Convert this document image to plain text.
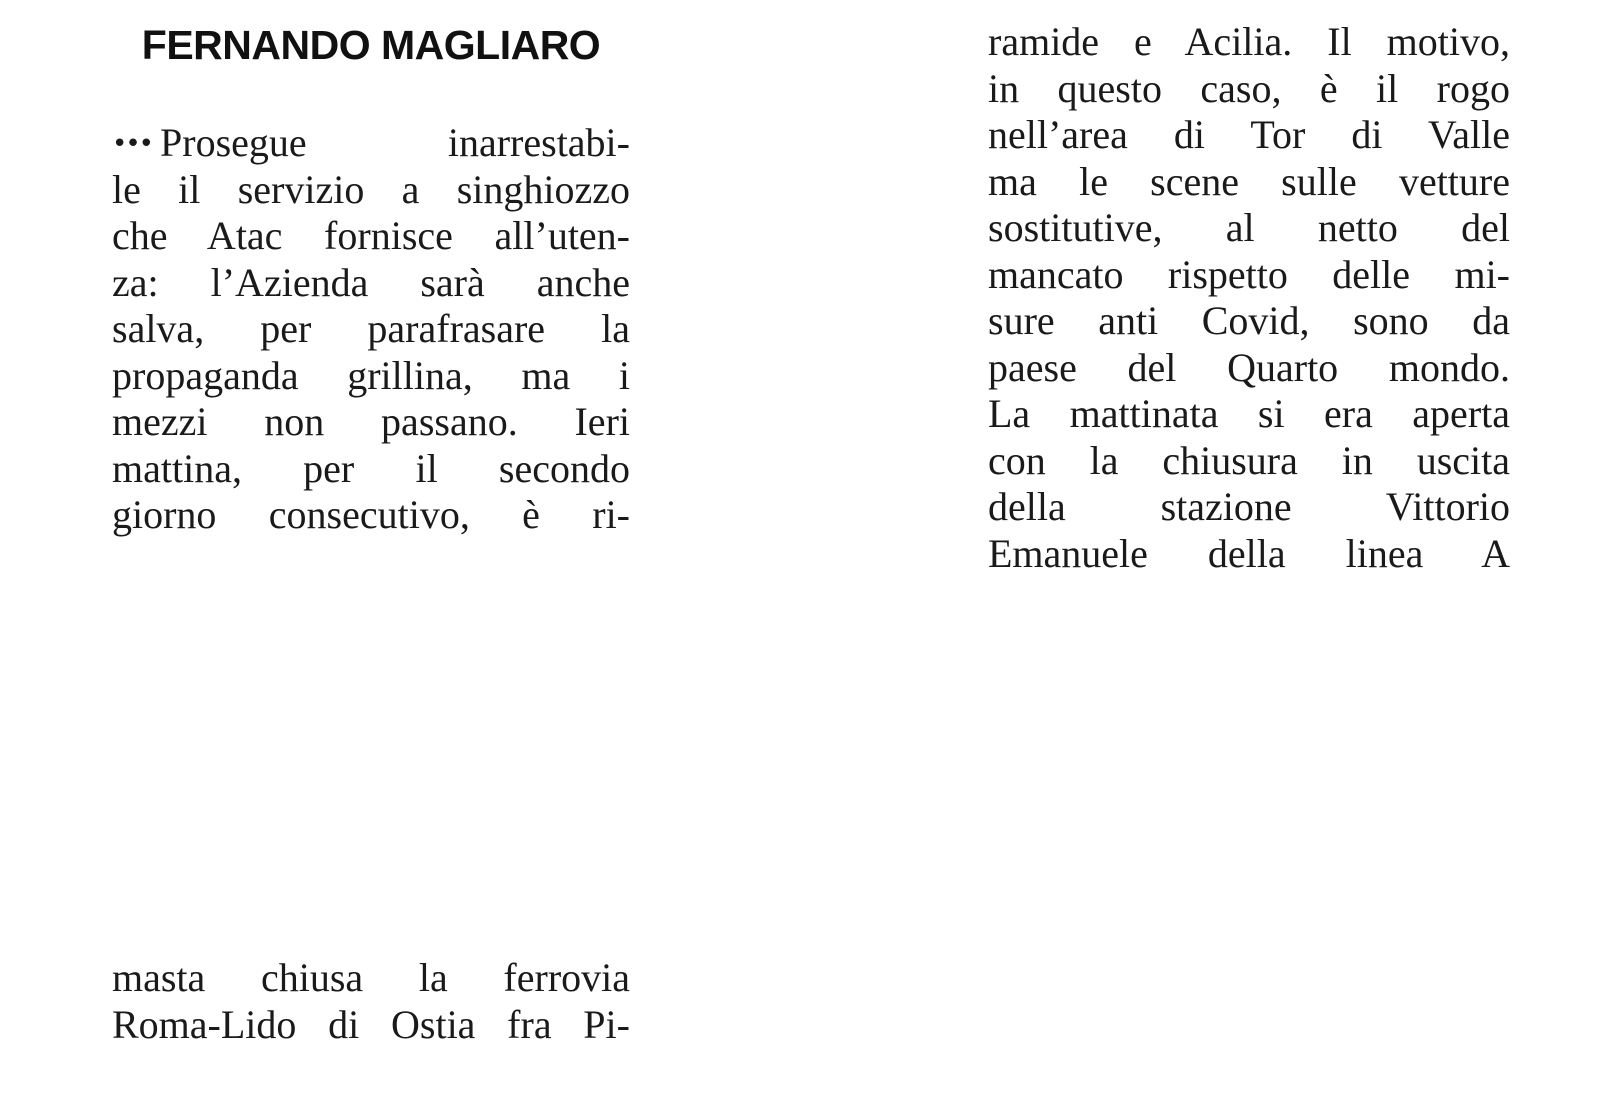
FERNANDO MAGLIARO
••• Prosegue inarrestabi-
le il servizio a singhiozzo
che Atac fornisce all’uten-
za: l’Azienda sarà anche
salva, per parafrasare la
propaganda grillina, ma i
mezzi non passano. Ieri
mattina, per il secondo
giorno consecutivo, è ri-
masta chiusa la ferrovia
Roma-Lido di Ostia fra Pi-
ramide e Acilia. Il motivo,
in questo caso, è il rogo
nell’area di Tor di Valle
ma le scene sulle vetture
sostitutive, al netto del
mancato rispetto delle mi-
sure anti Covid, sono da
paese del Quarto mondo.
La mattinata si era aperta
con la chiusura in uscita
della stazione Vittorio
Emanuele della linea A
